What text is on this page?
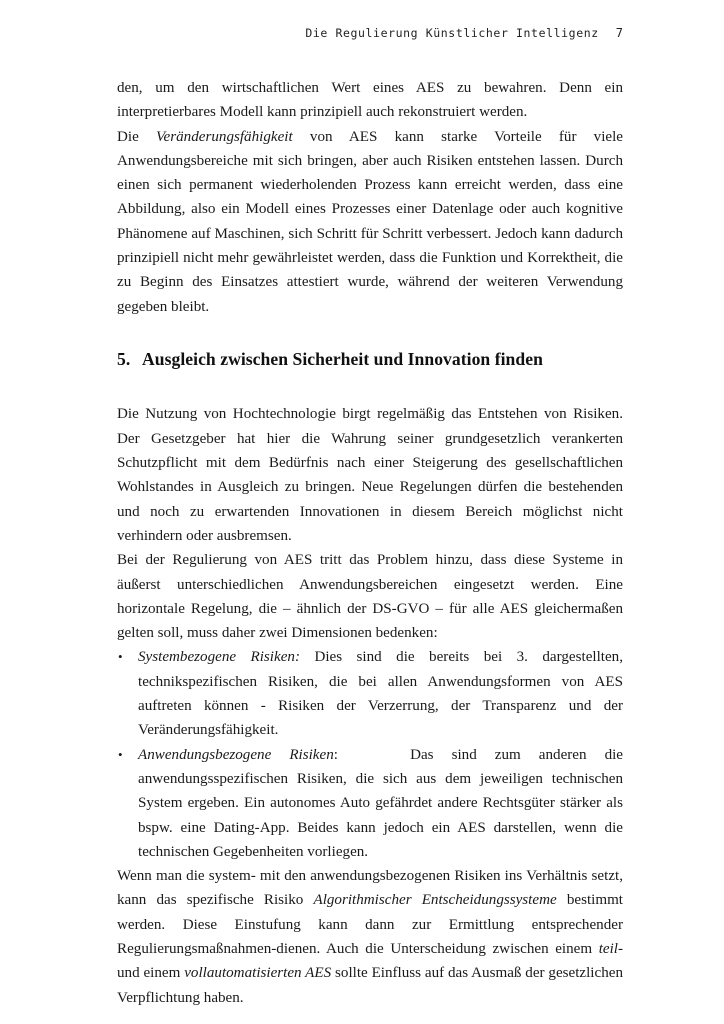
Die Regulierung Künstlicher Intelligenz 7

den, um den wirtschaftlichen Wert eines AES zu bewahren. Denn ein interpretierbares Modell kann prinzipiell auch rekonstruiert werden.

Die Veränderungsfähigkeit von AES kann starke Vorteile für viele Anwendungsbereiche mit sich bringen, aber auch Risiken entstehen lassen. Durch einen sich permanent wiederholenden Prozess kann erreicht werden, dass eine Abbildung, also ein Modell eines Prozesses einer Datenlage oder auch kognitive Phänomene auf Maschinen, sich Schritt für Schritt verbessert. Jedoch kann dadurch prinzipiell nicht mehr gewährleistet werden, dass die Funktion und Korrektheit, die zu Beginn des Einsatzes attestiert wurde, während der weiteren Verwendung gegeben bleibt.

5. Ausgleich zwischen Sicherheit und Innovation finden

Die Nutzung von Hochtechnologie birgt regelmäßig das Entstehen von Risiken. Der Gesetzgeber hat hier die Wahrung seiner grundgesetzlich verankerten Schutzpflicht mit dem Bedürfnis nach einer Steigerung des gesellschaftlichen Wohlstandes in Ausgleich zu bringen. Neue Regelungen dürfen die bestehenden und noch zu erwartenden Innovationen in diesem Bereich möglichst nicht verhindern oder ausbremsen.

Bei der Regulierung von AES tritt das Problem hinzu, dass diese Systeme in äußerst unterschiedlichen Anwendungsbereichen eingesetzt werden. Eine horizontale Regelung, die – ähnlich der DS-GVO – für alle AES gleichermaßen gelten soll, muss daher zwei Dimensionen bedenken:

• Systembezogene Risiken: Dies sind die bereits bei 3. dargestellten, technikspezifischen Risiken, die bei allen Anwendungsformen von AES auftreten können - Risiken der Verzerrung, der Transparenz und der Veränderungsfähigkeit.
• Anwendungsbezogene Risiken:	Das sind zum anderen die anwendungsspezifischen Risiken, die sich aus dem jeweiligen technischen System ergeben. Ein autonomes Auto gefährdet andere Rechtsgüter stärker als bspw. eine Dating-App. Beides kann jedoch ein AES darstellen, wenn die technischen Gegebenheiten vorliegen.

Wenn man die system- mit den anwendungsbezogenen Risiken ins Verhältnis setzt, kann das spezifische Risiko Algorithmischer Entscheidungssysteme bestimmt werden. Diese Einstufung kann dann zur Ermittlung entsprechender Regulierungsmaßnahmen-dienen. Auch die Unterscheidung zwischen einem teil-und einem vollautomatisierten AES sollte Einfluss auf das Ausmaß der gesetzlichen Verpflichtung haben.
